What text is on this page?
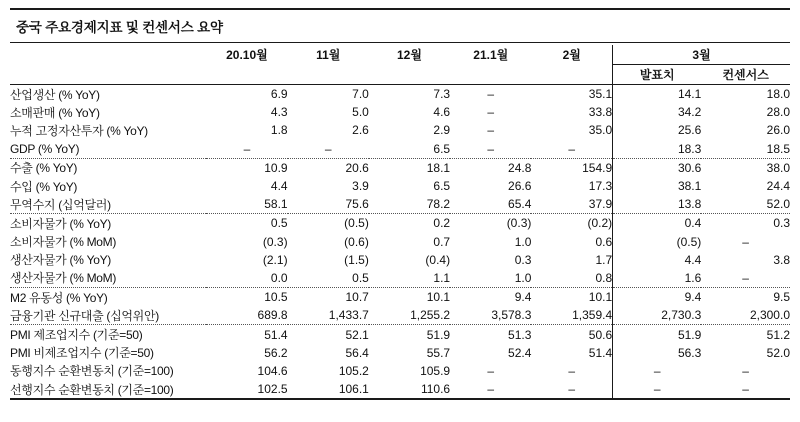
중국 주요경제지표 및 컨센서스 요약
	20.10월	11월	12월	21.1월	2월	3월	
						발표치	컨센서스
산업생산 (% YoY)	6.9	7.0	7.3	–	35.1	14.1	18.0
소매판매 (% YoY)	4.3	5.0	4.6	–	33.8	34.2	28.0
누적 고정자산투자 (% YoY)	1.8	2.6	2.9	–	35.0	25.6	26.0
GDP (% YoY)	–	–	6.5	–	–	18.3	18.5
수출 (% YoY)	10.9	20.6	18.1	24.8	154.9	30.6	38.0
수입 (% YoY)	4.4	3.9	6.5	26.6	17.3	38.1	24.4
무역수지 (십억달러)	58.1	75.6	78.2	65.4	37.9	13.8	52.0
소비자물가 (% YoY)	0.5	(0.5)	0.2	(0.3)	(0.2)	0.4	0.3
소비자물가 (% MoM)	(0.3)	(0.6)	0.7	1.0	0.6	(0.5)	–
생산자물가 (% YoY)	(2.1)	(1.5)	(0.4)	0.3	1.7	4.4	3.8
생산자물가 (% MoM)	0.0	0.5	1.1	1.0	0.8	1.6	–
M2 유동성 (% YoY)	10.5	10.7	10.1	9.4	10.1	9.4	9.5
금융기관 신규대출 (십억위안)	689.8	1,433.7	1,255.2	3,578.3	1,359.4	2,730.3	2,300.0
PMI 제조업지수 (기준=50)	51.4	52.1	51.9	51.3	50.6	51.9	51.2
PMI 비제조업지수 (기준=50)	56.2	56.4	55.7	52.4	51.4	56.3	52.0
동행지수 순환변동치 (기준=100)	104.6	105.2	105.9	–	–	–	–
선행지수 순환변동치 (기준=100)	102.5	106.1	110.6	–	–	–	–
